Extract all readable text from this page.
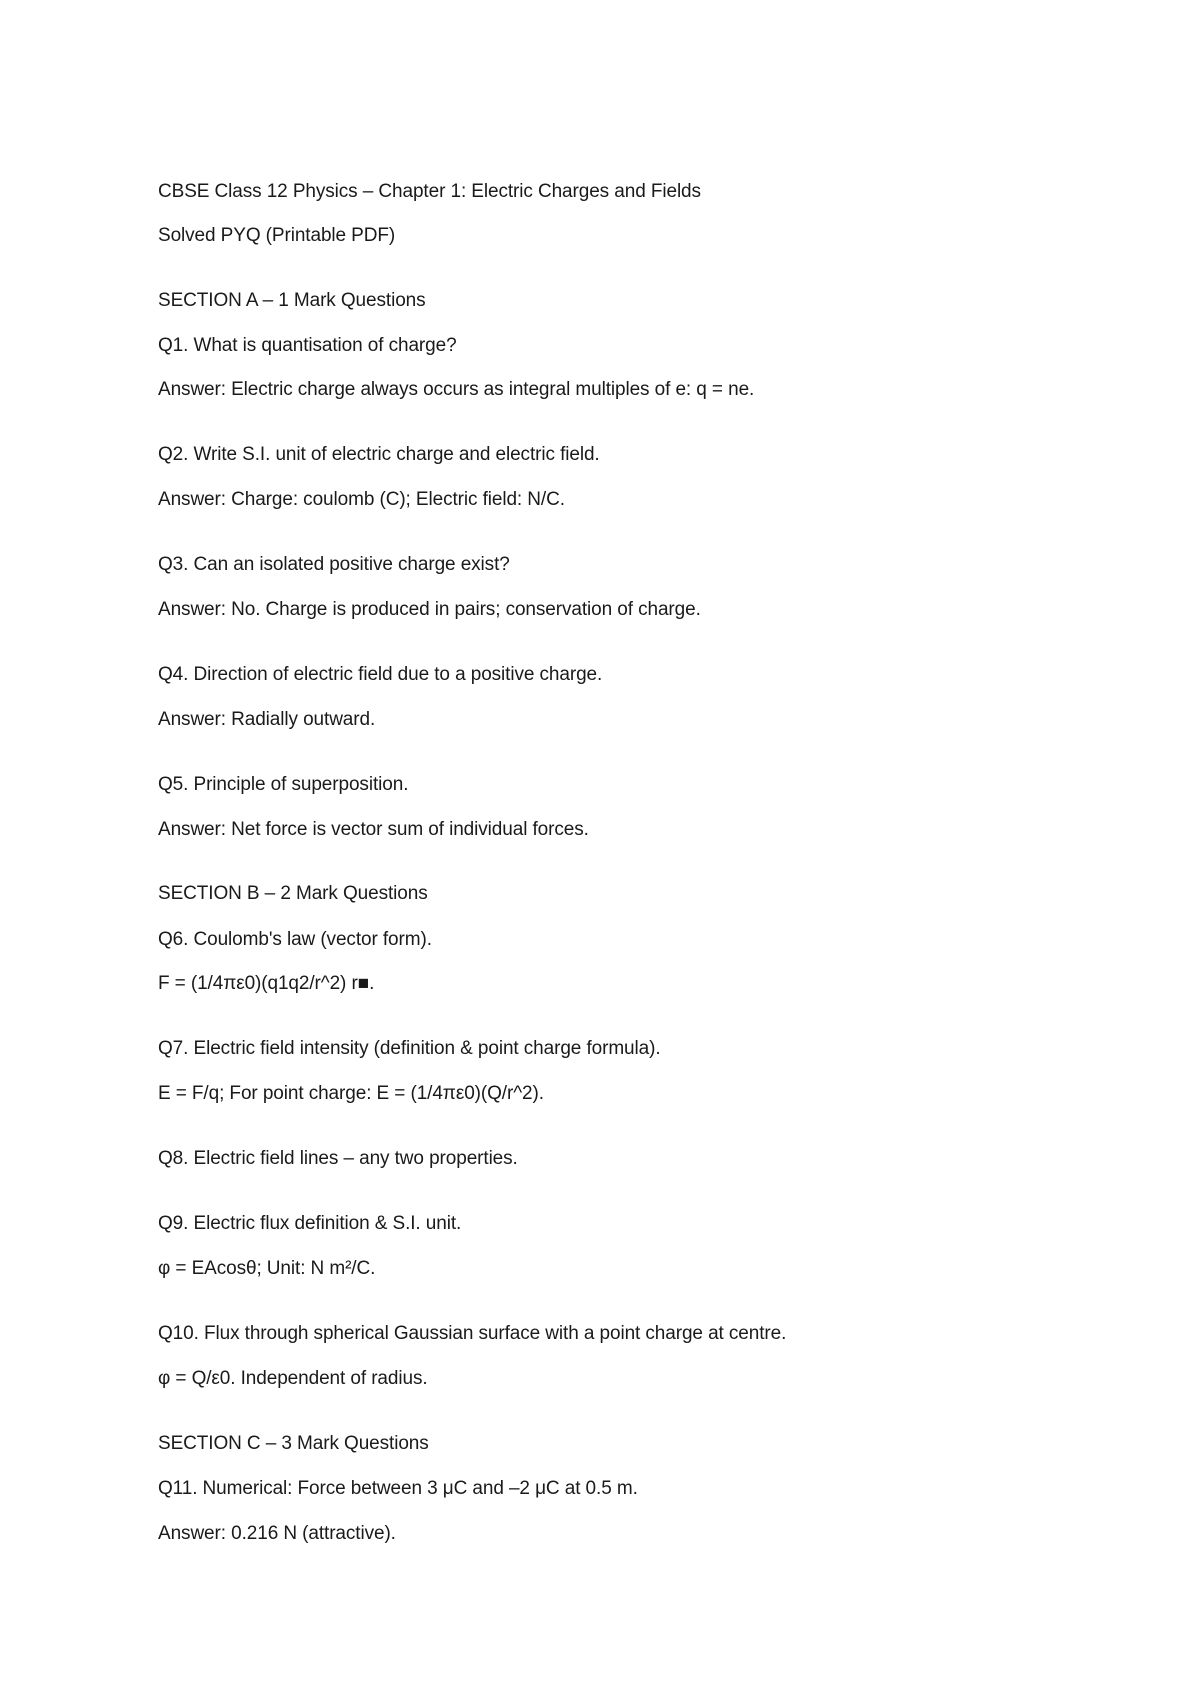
CBSE Class 12 Physics – Chapter 1: Electric Charges and Fields
Solved PYQ (Printable PDF)
SECTION A – 1 Mark Questions
Q1. What is quantisation of charge?
Answer: Electric charge always occurs as integral multiples of e: q = ne.
Q2. Write S.I. unit of electric charge and electric field.
Answer: Charge: coulomb (C); Electric field: N/C.
Q3. Can an isolated positive charge exist?
Answer: No. Charge is produced in pairs; conservation of charge.
Q4. Direction of electric field due to a positive charge.
Answer: Radially outward.
Q5. Principle of superposition.
Answer: Net force is vector sum of individual forces.
SECTION B – 2 Mark Questions
Q6. Coulomb's law (vector form).
F = (1/4πε0)(q1q2/r^2) r■.
Q7. Electric field intensity (definition & point charge formula).
E = F/q; For point charge: E = (1/4πε0)(Q/r^2).
Q8. Electric field lines – any two properties.
Q9. Electric flux definition & S.I. unit.
φ = EAcosθ; Unit: N m²/C.
Q10. Flux through spherical Gaussian surface with a point charge at centre.
φ = Q/ε0. Independent of radius.
SECTION C – 3 Mark Questions
Q11. Numerical: Force between 3 μC and –2 μC at 0.5 m.
Answer: 0.216 N (attractive).
